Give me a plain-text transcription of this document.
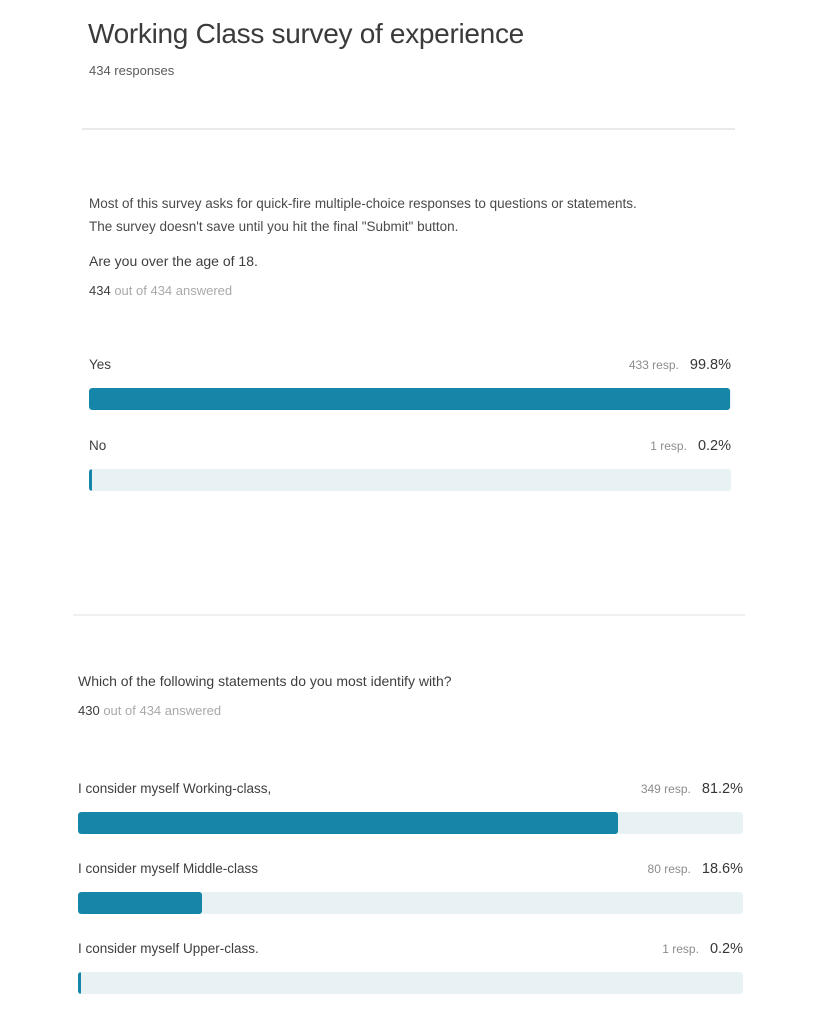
Working Class survey of experience
434 responses
Most of this survey asks for quick-fire multiple-choice responses to questions or statements.
The survey doesn't save until you hit the final "Submit" button.
Are you over the age of 18.
434 out of 434 answered
Yes	433 resp. 99.8%
No	1 resp. 0.2%
Which of the following statements do you most identify with?
430 out of 434 answered
I consider myself Working-class,	349 resp. 81.2%
I consider myself Middle-class	80 resp. 18.6%
I consider myself Upper-class.	1 resp. 0.2%
